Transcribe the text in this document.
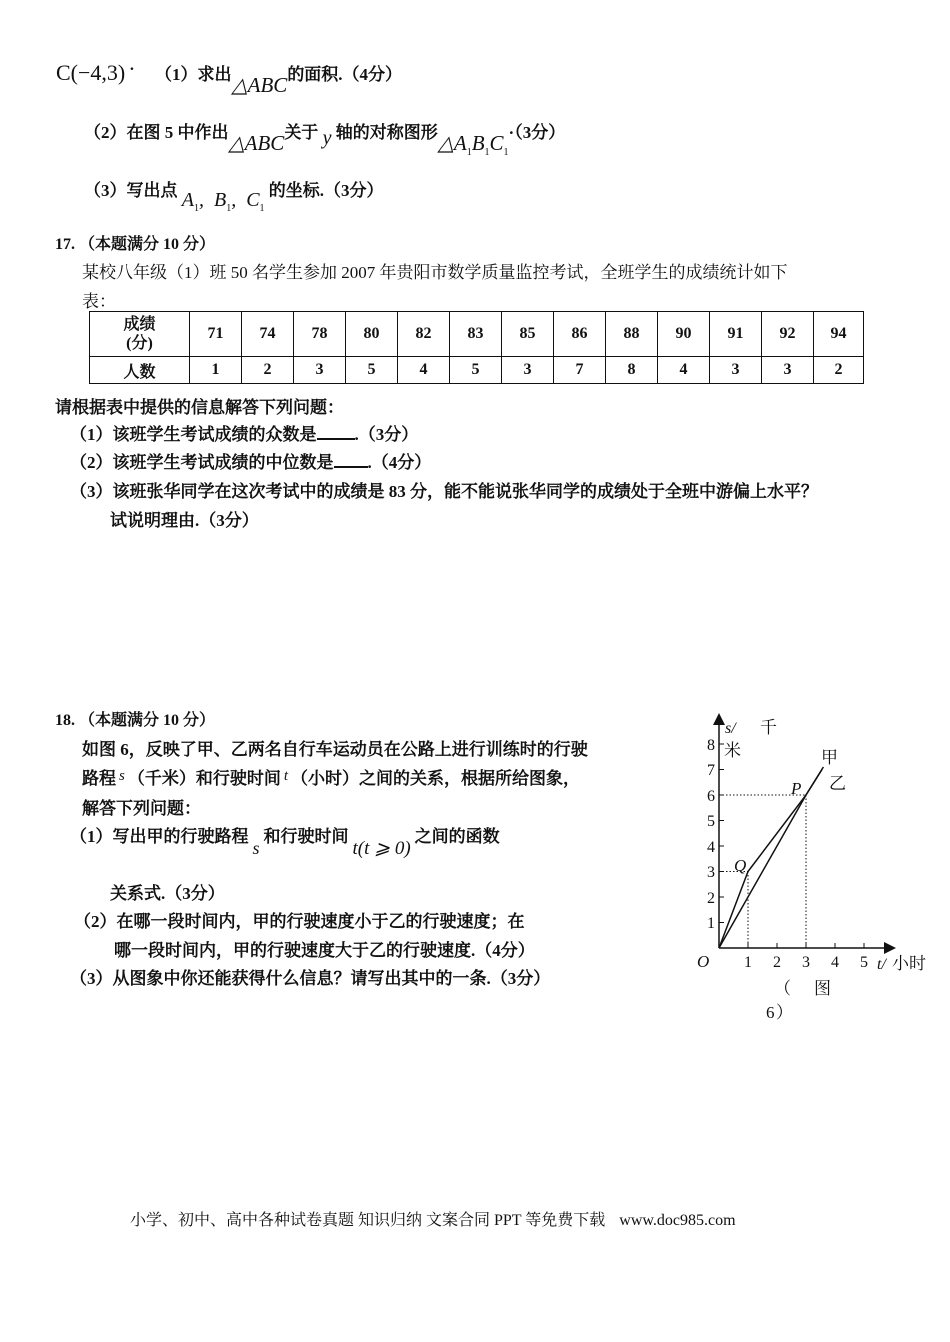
C(−4,3) · （1）求出△ABC的面积.（4分）
（2）在图 5 中作出△ABC关于 y 轴的对称图形$\triangle A_1B_1C_1\cdot(3$分）
（3）写出点 $A_1$,  $B_1$,  $C_1$ 的坐标.（3分）
17. （本题满分 10 分）
某校八年级（1）班 50 名学生参加 2007 年贵阳市数学质量监控考试，全班学生的成绩统计如下
表：
成绩
(分)	71	74	78	80	82	83	85	86	88	90	91	92	94
人数	1	2	3	5	4	5	3	7	8	4	3	3	2
请根据表中提供的信息解答下列问题：
（1）该班学生考试成绩的众数是 .（3分）
（2）该班学生考试成绩的中位数是 .（4分）
（3）该班张华同学在这次考试中的成绩是 83 分，能不能说张华同学的成绩处于全班中游偏上水平？
试说明理由.（3分）
18. （本题满分 10 分）
如图 6，反映了甲、乙两名自行车运动员在公路上进行训练时的行驶
路程 s （千米）和行驶时间 t （小时）之间的关系，根据所给图象，
解答下列问题：
（1）写出甲的行驶路程s和行驶时间t(t ⩾ 0)之间的函数
关系式.（3分）
（2）在哪一段时间内，甲的行驶速度小于乙的行驶速度；在
哪一段时间内，甲的行驶速度大于乙的行驶速度.（4分）
（3）从图象中你还能获得什么信息？请写出其中的一条.（3分）
1
2
3
4
5
6
7
8
1 2 3 4 5
O
s/ 千
米
t/ 小时
甲
乙
Q
P
（ 图
6 ）
小学、初中、高中各种试卷真题 知识归纳 文案合同 PPT 等免费下载 www.doc985.com
